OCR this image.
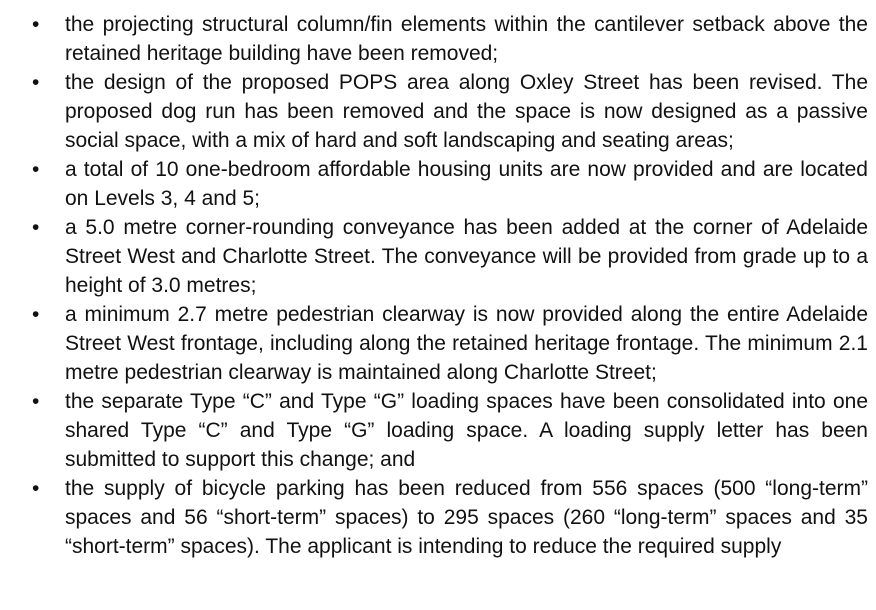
•	the projecting structural column/fin elements within the cantilever setback above the retained heritage building have been removed;

•	the design of the proposed POPS area along Oxley Street has been revised. The proposed dog run has been removed and the space is now designed as a passive social space, with a mix of hard and soft landscaping and seating areas;

•	a total of 10 one-bedroom affordable housing units are now provided and are located on Levels 3, 4 and 5;

•	a 5.0 metre corner-rounding conveyance has been added at the corner of Adelaide Street West and Charlotte Street. The conveyance will be provided from grade up to a height of 3.0 metres;

•	a minimum 2.7 metre pedestrian clearway is now provided along the entire Adelaide Street West frontage, including along the retained heritage frontage. The minimum 2.1 metre pedestrian clearway is maintained along Charlotte Street;

•	the separate Type “C” and Type “G” loading spaces have been consolidated into one shared Type “C” and Type “G” loading space. A loading supply letter has been submitted to support this change; and

•	the supply of bicycle parking has been reduced from 556 spaces (500 “long-term” spaces and 56 “short-term” spaces) to 295 spaces (260 “long-term” spaces and 35 “short-term” spaces). The applicant is intending to reduce the required supply
